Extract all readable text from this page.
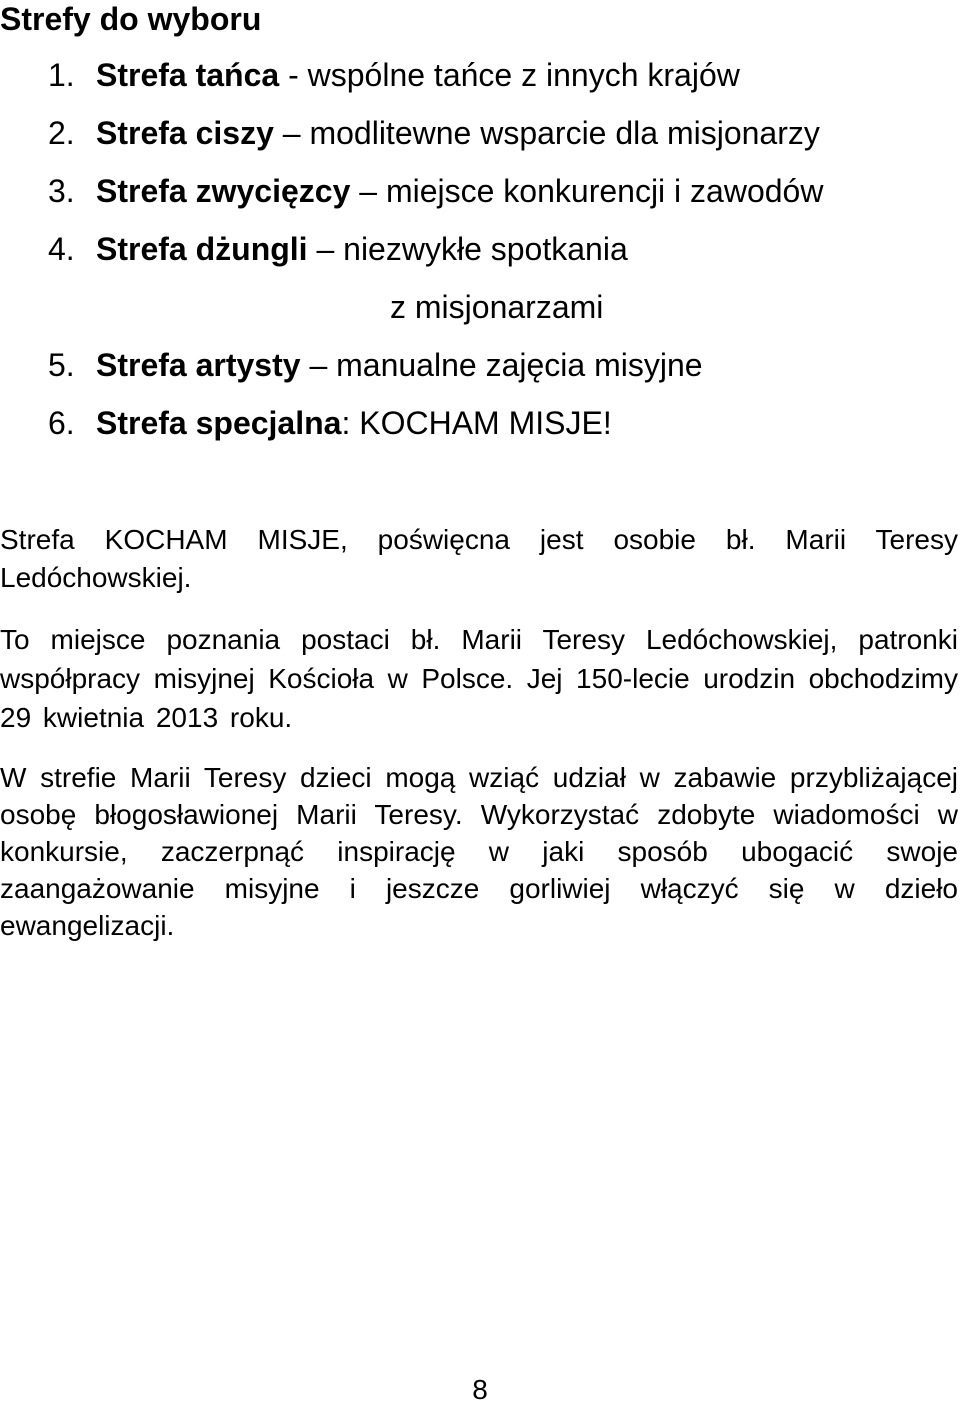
Strefy do wyboru
1. Strefa tańca - wspólne tańce z innych krajów
2. Strefa ciszy – modlitewne wsparcie dla misjonarzy
3. Strefa zwycięzcy – miejsce konkurencji i zawodów
4. Strefa dżungli – niezwykłe spotkania
z misjonarzami
5. Strefa artysty – manualne zajęcia misyjne
6. Strefa specjalna: KOCHAM MISJE!

Strefa KOCHAM MISJE, poświęcna jest osobie bł. Marii Teresy Ledóchowskiej.

To miejsce poznania postaci bł. Marii Teresy Ledóchowskiej, patronki współpracy misyjnej Kościoła w Polsce. Jej 150-lecie urodzin obchodzimy 29 kwietnia 2013 roku.

W strefie Marii Teresy dzieci mogą wziąć udział w zabawie przybliżającej osobę błogosławionej Marii Teresy. Wykorzystać zdobyte wiadomości w konkursie, zaczerpnąć inspirację w jaki sposób ubogacić swoje zaangażowanie misyjne i jeszcze gorliwiej włączyć się w dzieło ewangelizacji.

8
